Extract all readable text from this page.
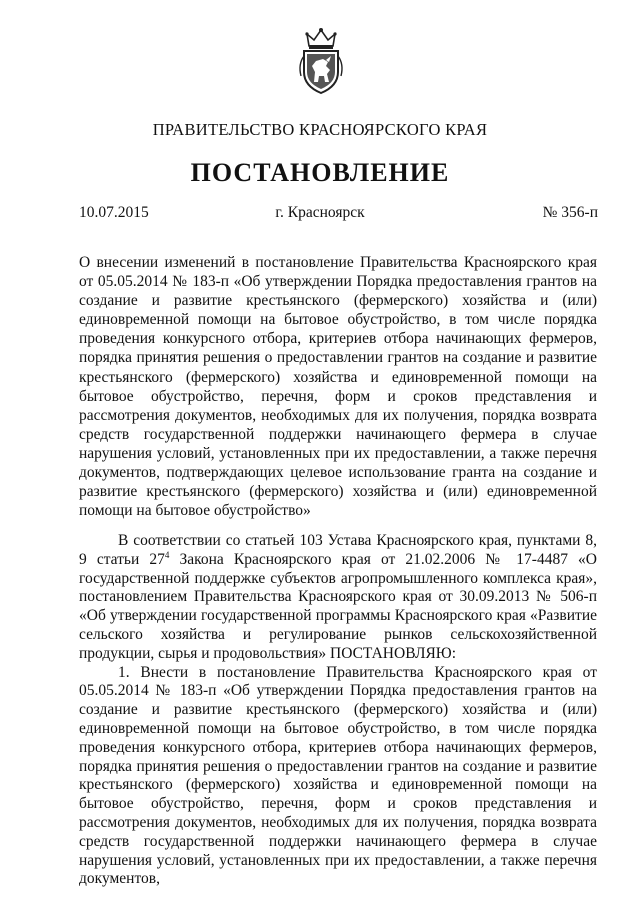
ПРАВИТЕЛЬСТВО КРАСНОЯРСКОГО КРАЯ
ПОСТАНОВЛЕНИЕ
10.07.2015	г. Красноярск	№ 356-п

О внесении изменений в постановление Правительства Красноярского края от 05.05.2014 № 183-п «Об утверждении Порядка предоставления грантов на создание и развитие крестьянского (фермерского) хозяйства и (или) единовременной помощи на бытовое обустройство, в том числе порядка проведения конкурсного отбора, критериев отбора начинающих фермеров, порядка принятия решения о предоставлении грантов на создание и развитие крестьянского (фермерского) хозяйства и единовременной помощи на бытовое обустройство, перечня, форм и сроков представления и рассмотрения документов, необходимых для их получения, порядка возврата средств государственной поддержки начинающего фермера в случае нарушения условий, установленных при их предоставлении, а также перечня документов, подтверждающих целевое использование гранта на создание и развитие крестьянского (фермерского) хозяйства и (или) единовременной помощи на бытовое обустройство»

В соответствии со статьей 103 Устава Красноярского края, пунктами 8, 9 статьи $27^4$ Закона Красноярского края от 21.02.2006 № 17-4487 «О государственной поддержке субъектов агропромышленного комплекса края», постановлением Правительства Красноярского края от 30.09.2013 № 506-п «Об утверждении государственной программы Красноярского края «Развитие сельского хозяйства и регулирование рынков сельскохозяйственной продукции, сырья и продовольствия» ПОСТАНОВЛЯЮ:

1. Внести в постановление Правительства Красноярского края от 05.05.2014 № 183-п «Об утверждении Порядка предоставления грантов на создание и развитие крестьянского (фермерского) хозяйства и (или) единовременной помощи на бытовое обустройство, в том числе порядка проведения конкурсного отбора, критериев отбора начинающих фермеров, порядка принятия решения о предоставлении грантов на создание и развитие крестьянского (фермерского) хозяйства и единовременной помощи на бытовое обустройство, перечня, форм и сроков представления и рассмотрения документов, необходимых для их получения, порядка возврата средств государственной поддержки начинающего фермера в случае нарушения условий, установленных при их предоставлении, а также перечня документов,
